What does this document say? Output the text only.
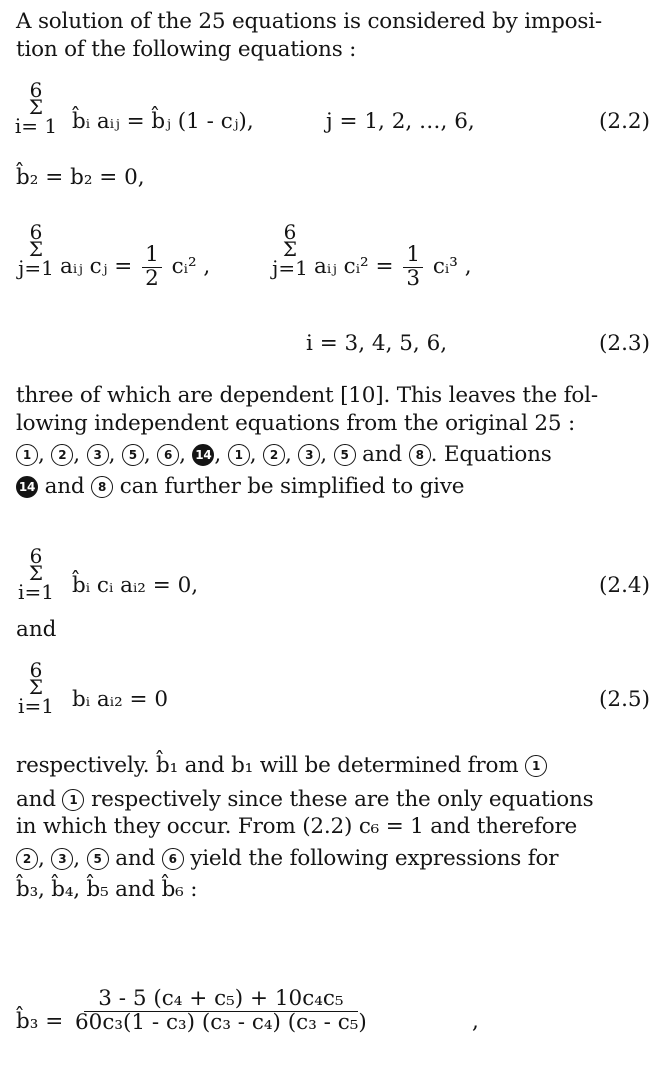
A solution of the 25 equations is considered by imposi-

tion of the following equations :

6
Σ
i= 1 b̂ᵢ aᵢⱼ = b̂ⱼ (1 - cⱼ),	j = 1, 2, …, 6,	(2.2)
b̂₂ = b₂ = 0,
6
Σ
j=1 aᵢⱼ cⱼ = $\frac{1}{2}$ cᵢ² ,
6
Σ
j=1 aᵢⱼ cᵢ² = $\frac{1}{3}$ cᵢ³ ,
i = 3, 4, 5, 6,	(2.3)

three of which are dependent [10]. This leaves the fol-

lowing independent equations from the original 25 :

1 , 2 , 3 , 5 , 6 , 14 , 1 , 2 , 3 , 5 and 8 . Equations

14 and 8 can further be simplified to give

6
Σ
i=1 b̂ᵢ cᵢ aᵢ₂ = 0,	(2.4)
and
6
Σ
i=1 bᵢ aᵢ₂ = 0	(2.5)

respectively. b̂₁ and b₁ will be determined from 1

and 1 respectively since these are the only equations

in which they occur. From (2.2) c₆ = 1 and therefore

2 , 3 , 5 and 6 yield the following expressions for

b̂₃, b̂₄, b̂₅ and b̂₆ :

b̂₃ = $\frac{\text{3 - 5 (c₄ + c₅) + 10c₄c₅}}{\text{60c₃(1 - c₃) (c₃ - c₄) (c₃ - c₅)}}$	,
